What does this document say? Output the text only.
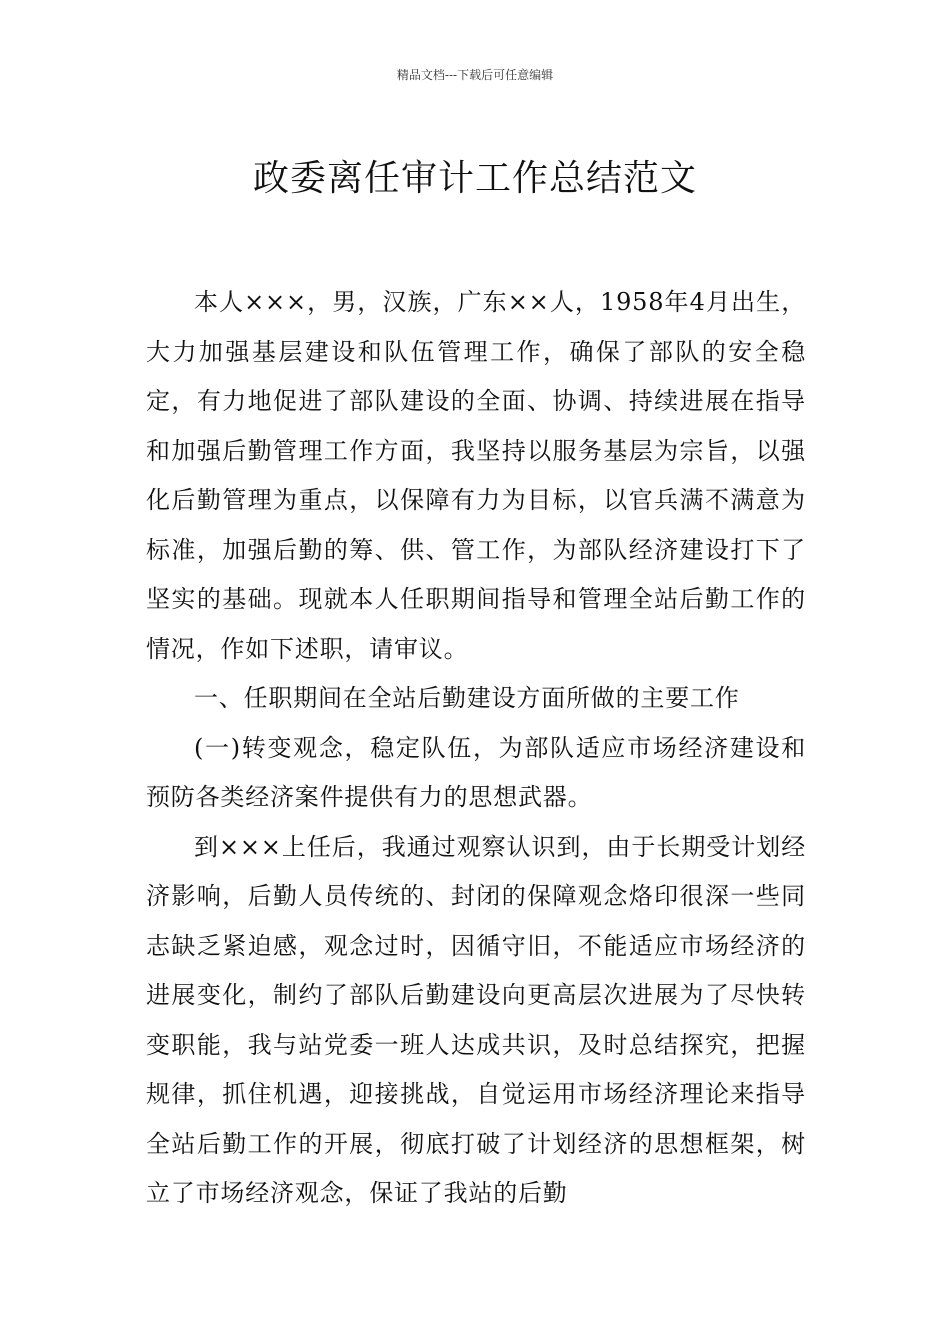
精品文档---下载后可任意编辑
政委离任审计工作总结范文

本人×××，男，汉族，广东××人，1958年4月出生，大力加强基层建设和队伍管理工作，确保了部队的安全稳定，有力地促进了部队建设的全面、协调、持续进展在指导和加强后勤管理工作方面，我坚持以服务基层为宗旨，以强化后勤管理为重点，以保障有力为目标，以官兵满不满意为标准，加强后勤的筹、供、管工作，为部队经济建设打下了坚实的基础。现就本人任职期间指导和管理全站后勤工作的情况，作如下述职，请审议。

一、任职期间在全站后勤建设方面所做的主要工作

(一)转变观念，稳定队伍，为部队适应市场经济建设和预防各类经济案件提供有力的思想武器。

到×××上任后，我通过观察认识到，由于长期受计划经济影响，后勤人员传统的、封闭的保障观念烙印很深一些同志缺乏紧迫感，观念过时，因循守旧，不能适应市场经济的进展变化，制约了部队后勤建设向更高层次进展为了尽快转变职能，我与站党委一班人达成共识，及时总结探究，把握规律，抓住机遇，迎接挑战，自觉运用市场经济理论来指导全站后勤工作的开展，彻底打破了计划经济的思想框架，树立了市场经济观念，保证了我站的后勤
